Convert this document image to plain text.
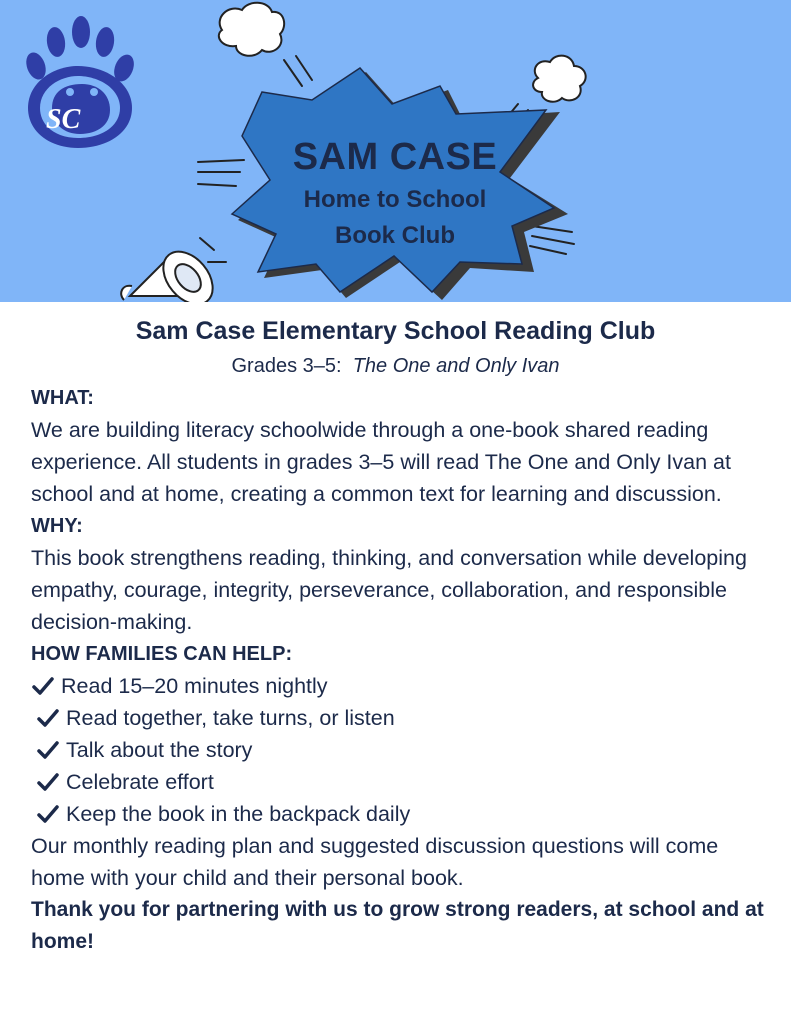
SC
SAM CASE
Home to School
Book Club
Sam Case Elementary School Reading Club
Grades 3–5: The One and Only Ivan
WHAT:
We are building literacy schoolwide through a one-book shared reading experience. All students in grades 3–5 will read The One and Only Ivan at school and at home, creating a common text for learning and discussion.
WHY:
This book strengthens reading, thinking, and conversation while developing empathy, courage, integrity, perseverance, collaboration, and responsible decision-making.
HOW FAMILIES CAN HELP:
Read 15–20 minutes nightly
Read together, take turns, or listen
Talk about the story
Celebrate effort
Keep the book in the backpack daily
Our monthly reading plan and suggested discussion questions will come home with your child and their personal book.
Thank you for partnering with us to grow strong readers, at school and at home!
